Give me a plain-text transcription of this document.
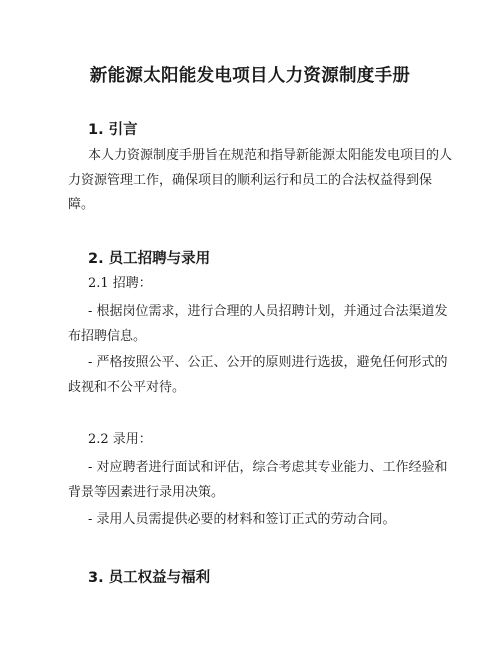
新能源太阳能发电项目人力资源制度手册
1. 引言

本人力资源制度手册旨在规范和指导新能源太阳能发电项目的人力资源管理工作，确保项目的顺利运行和员工的合法权益得到保障。

2. 员工招聘与录用

2.1 招聘：

- 根据岗位需求，进行合理的人员招聘计划，并通过合法渠道发布招聘信息。

- 严格按照公平、公正、公开的原则进行选拔，避免任何形式的歧视和不公平对待。

2.2 录用：

- 对应聘者进行面试和评估，综合考虑其专业能力、工作经验和背景等因素进行录用决策。

- 录用人员需提供必要的材料和签订正式的劳动合同。

3. 员工权益与福利
